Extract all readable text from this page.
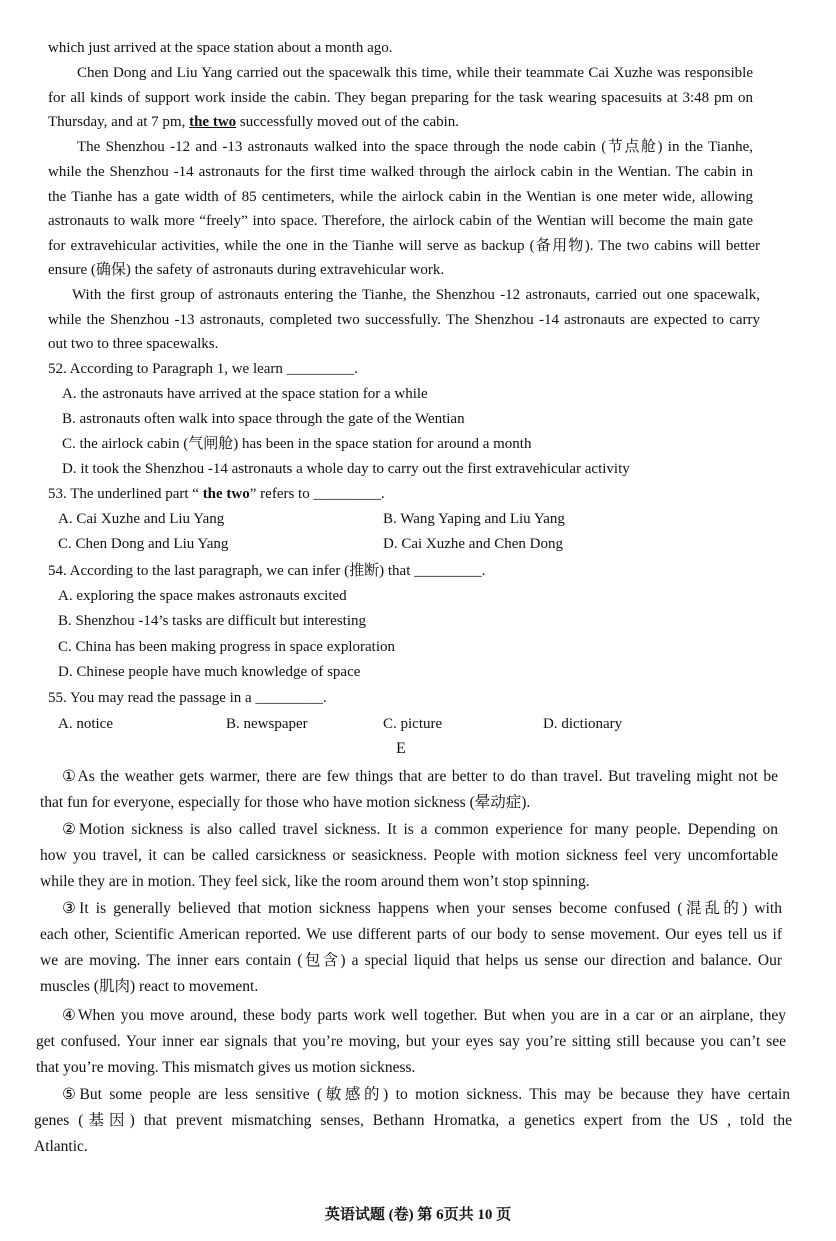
which just arrived at the space station about a month ago.
Chen Dong and Liu Yang carried out the spacewalk this time, while their teammate Cai Xuzhe was responsible
for all kinds of support work inside the cabin. They began preparing for the task wearing spacesuits at 3:48 pm on
Thursday, and at 7 pm, the two successfully moved out of the cabin.
The Shenzhou -12 and -13 astronauts walked into the space through the node cabin (节点舱) in the Tianhe,
while the Shenzhou -14 astronauts for the first time walked through the airlock cabin in the Wentian. The cabin in
the Tianhe has a gate width of 85 centimeters, while the airlock cabin in the Wentian is one meter wide, allowing
astronauts to walk more “freely” into space. Therefore, the airlock cabin of the Wentian will become the main gate
for extravehicular activities, while the one in the Tianhe will serve as backup (备用物). The two cabins will better
ensure (确保) the safety of astronauts during extravehicular work.
With the first group of astronauts entering the Tianhe, the Shenzhou -12 astronauts, carried out one spacewalk,
while the Shenzhou -13 astronauts, completed two successfully. The Shenzhou -14 astronauts are expected to carry
out two to three spacewalks.
52. According to Paragraph 1, we learn _________.
A. the astronauts have arrived at the space station for a while
B. astronauts often walk into space through the gate of the Wentian
C. the airlock cabin (气闸舱) has been in the space station for around a month
D. it took the Shenzhou -14 astronauts a whole day to carry out the first extravehicular activity
53. The underlined part “ the two” refers to _________.
A. Cai Xuzhe and Liu Yang	B. Wang Yaping and Liu Yang
C. Chen Dong and Liu Yang	D. Cai Xuzhe and Chen Dong
54. According to the last paragraph, we can infer (推断) that _________.
A. exploring the space makes astronauts excited
B. Shenzhou -14’s tasks are difficult but interesting
C. China has been making progress in space exploration
D. Chinese people have much knowledge of space
55. You may read the passage in a _________.
A. notice	B. newspaper	C. picture	D. dictionary
E
①As the weather gets warmer, there are few things that are better to do than travel. But traveling might not be
that fun for everyone, especially for those who have motion sickness (晕动症).
②Motion sickness is also called travel sickness. It is a common experience for many people. Depending on
how you travel, it can be called carsickness or seasickness. People with motion sickness feel very uncomfortable
while they are in motion. They feel sick, like the room around them won’t stop spinning.
③It is generally believed that motion sickness happens when your senses become confused (混乱的) with
each other, Scientific American reported. We use different parts of our body to sense movement. Our eyes tell us if
we are moving. The inner ears contain (包含) a special liquid that helps us sense our direction and balance. Our
muscles (肌肉) react to movement.
④When you move around, these body parts work well together. But when you are in a car or an airplane, they
get confused. Your inner ear signals that you’re moving, but your eyes say you’re sitting still because you can’t see
that you’re moving. This mismatch gives us motion sickness.
⑤But some people are less sensitive (敏感的) to motion sickness. This may be because they have certain
genes (基因) that prevent mismatching senses, Bethann Hromatka, a genetics expert from the US , told the
Atlantic.
英语试题 (卷) 第 6页共 10 页
